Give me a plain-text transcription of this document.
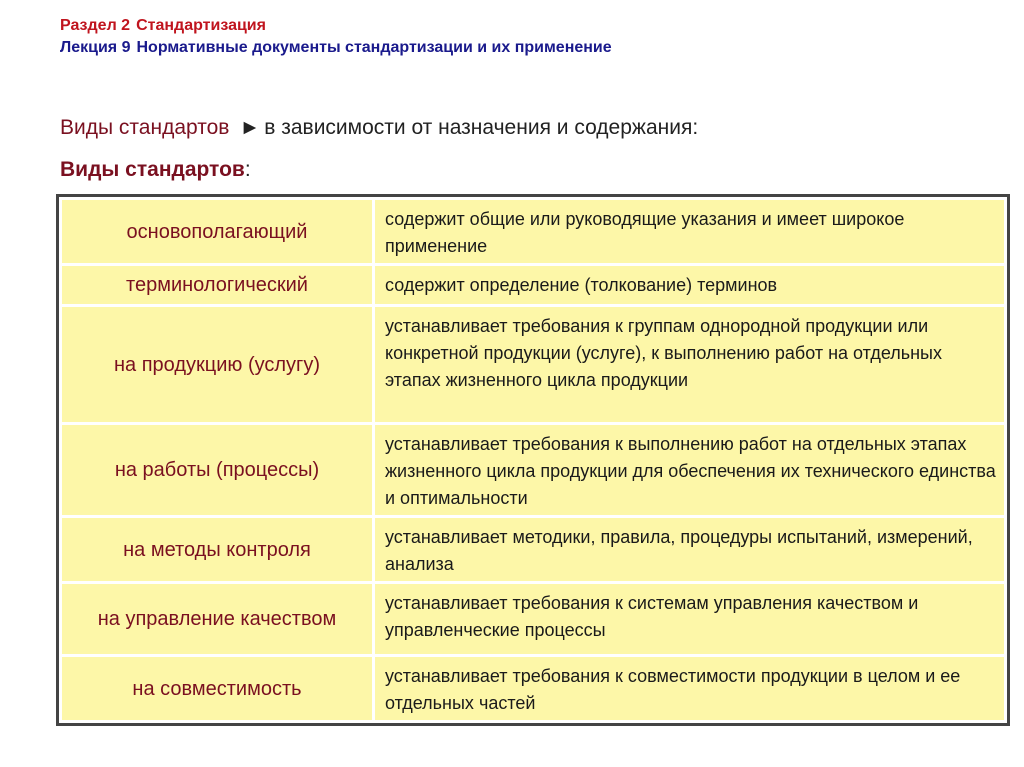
Раздел 2 Стандартизация
Лекция 9 Нормативные документы стандартизации и их применение
Виды стандартов ► в зависимости от назначения и содержания:
Виды стандартов:
основополагающий	содержит общие или руководящие указания и имеет широкое применение
терминологический	содержит определение (толкование) терминов
на продукцию (услугу)	устанавливает требования к группам однородной продукции или конкретной продукции (услуге), к выполнению работ на отдельных этапах жизненного цикла продукции
на работы (процессы)	устанавливает требования к выполнению работ на отдельных этапах жизненного цикла продукции для обеспечения их технического единства и оптимальности
на методы контроля	устанавливает методики, правила, процедуры испытаний, измерений, анализа
на управление качеством	устанавливает требования к системам управления качеством и управленческие процессы
на совместимость	устанавливает требования к совместимости продукции в целом и ее отдельных частей
